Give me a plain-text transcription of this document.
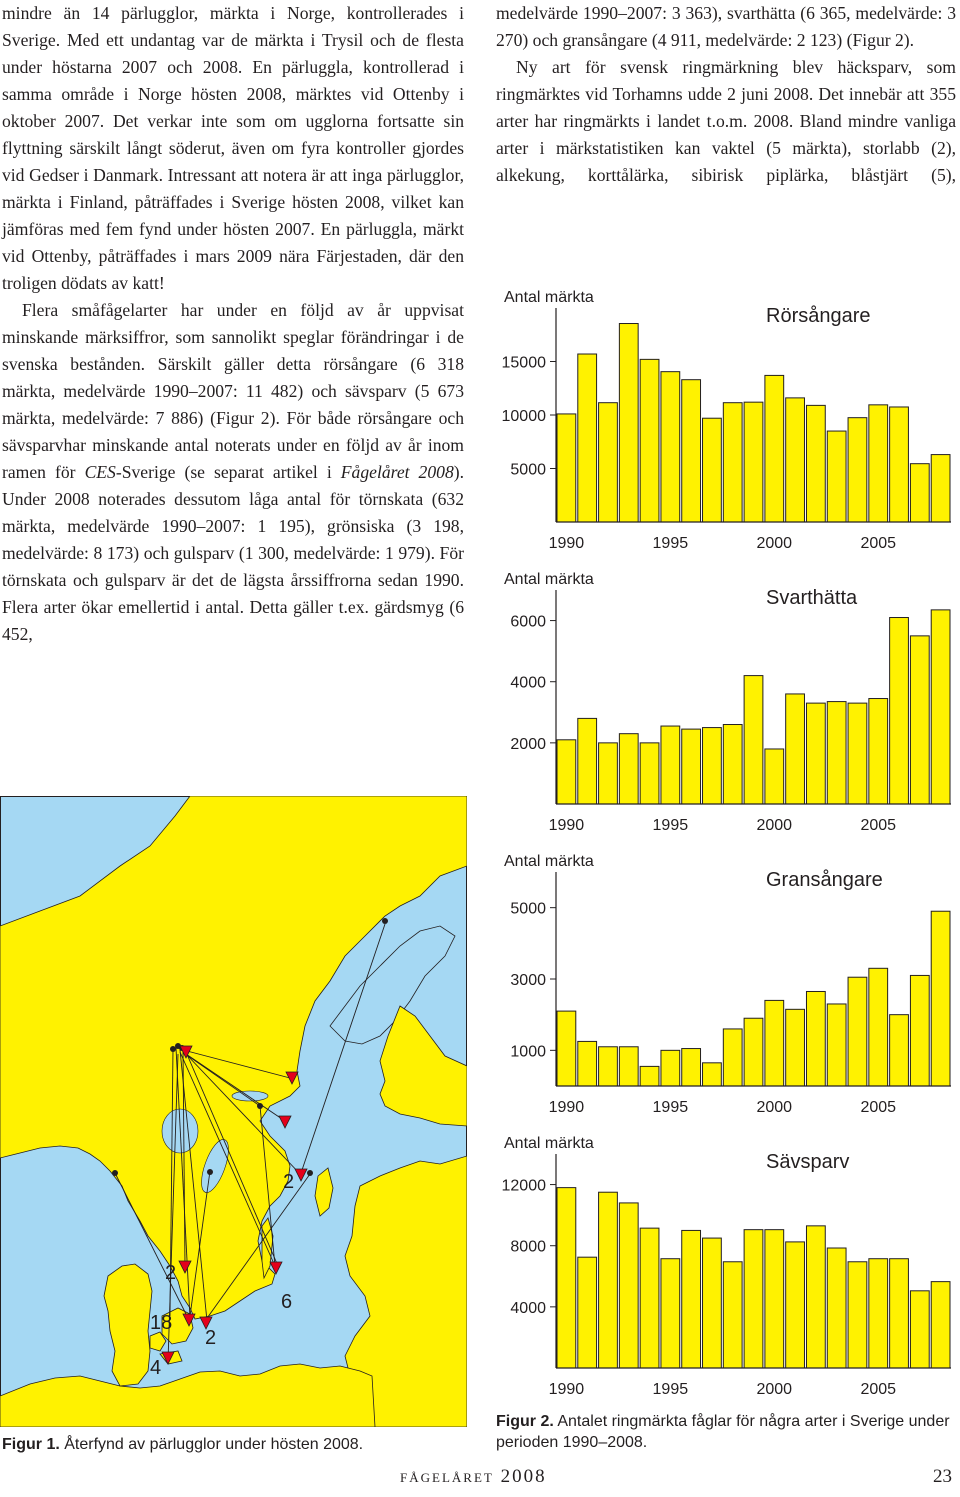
mindre än 14 pärlugglor, märkta i Norge, kontrollerades i Sverige. Med ett undantag var de märkta i Trysil och de flesta under höstarna 2007 och 2008. En pärluggla, kontrollerad i samma område i Norge hösten 2008, märktes vid Ottenby i oktober 2007. Det verkar inte som om ugglorna fortsatte sin flyttning särskilt långt söderut, även om fyra kontroller gjordes vid Gedser i Danmark. Intressant att notera är att inga pärlugglor, märkta i Finland, påträffades i Sverige hösten 2008, vilket kan jämföras med fem fynd under hösten 2007. En pärluggla, märkt vid Ottenby, påträffades i mars 2009 nära Färjestaden, där den troligen dödats av katt!

Flera småfågelarter har under en följd av år uppvisat minskande märksiffror, som sannolikt speglar förändringar i de svenska bestånden. Särskilt gäller detta rörsångare (6 318 märkta, medelvärde 1990–2007: 11 482) och sävsparv (5 673 märkta, medelvärde: 7 886) (Figur 2). För både rörsångare och sävsparvhar minskande antal noterats under en följd av år inom ramen för CES-Sverige (se separat artikel i Fågelåret 2008). Under 2008 noterades dessutom låga antal för törnskata (632 märkta, medelvärde 1990–2007: 1 195), grönsiska (3 198, medelvärde: 8 173) och gulsparv (1 300, medelvärde: 1 979). För törnskata och gulsparv är det de lägsta årssiffrorna sedan 1990. Flera arter ökar emellertid i antal. Detta gäller t.ex. gärdsmyg (6 452,

medelvärde 1990–2007: 3 363), svarthätta (6 365, medelvärde: 3 270) och gransångare (4 911, medelvärde: 2 123) (Figur 2).

Ny art för svensk ringmärkning blev häcksparv, som ringmärktes vid Torhamns udde 2 juni 2008. Det innebär att 355 arter har ringmärkts i landet t.o.m. 2008. Bland mindre vanliga arter i märkstatistiken kan vaktel (5 märkta), storlabb (2), alkekung, korttålärka, sibirisk piplärka, blåstjärt (5),

2
2
6
18
2
4
Figur 1. Återfynd av pärlugglor under hösten 2008.
Antal märkta
Rörsångare
5000
10000
15000
1990	1995	2000	2005
Antal märkta
Svarthätta
2000
4000
6000
1990	1995	2000	2005
Antal märkta
Gransångare
1000
3000
5000
1990	1995	2000	2005
Antal märkta
Sävsparv
4000
8000
12000
1990	1995	2000	2005
Figur 2. Antalet ringmärkta fåglar för några arter i Sverige under perioden 1990–2008.
fågelåret 2008	23
